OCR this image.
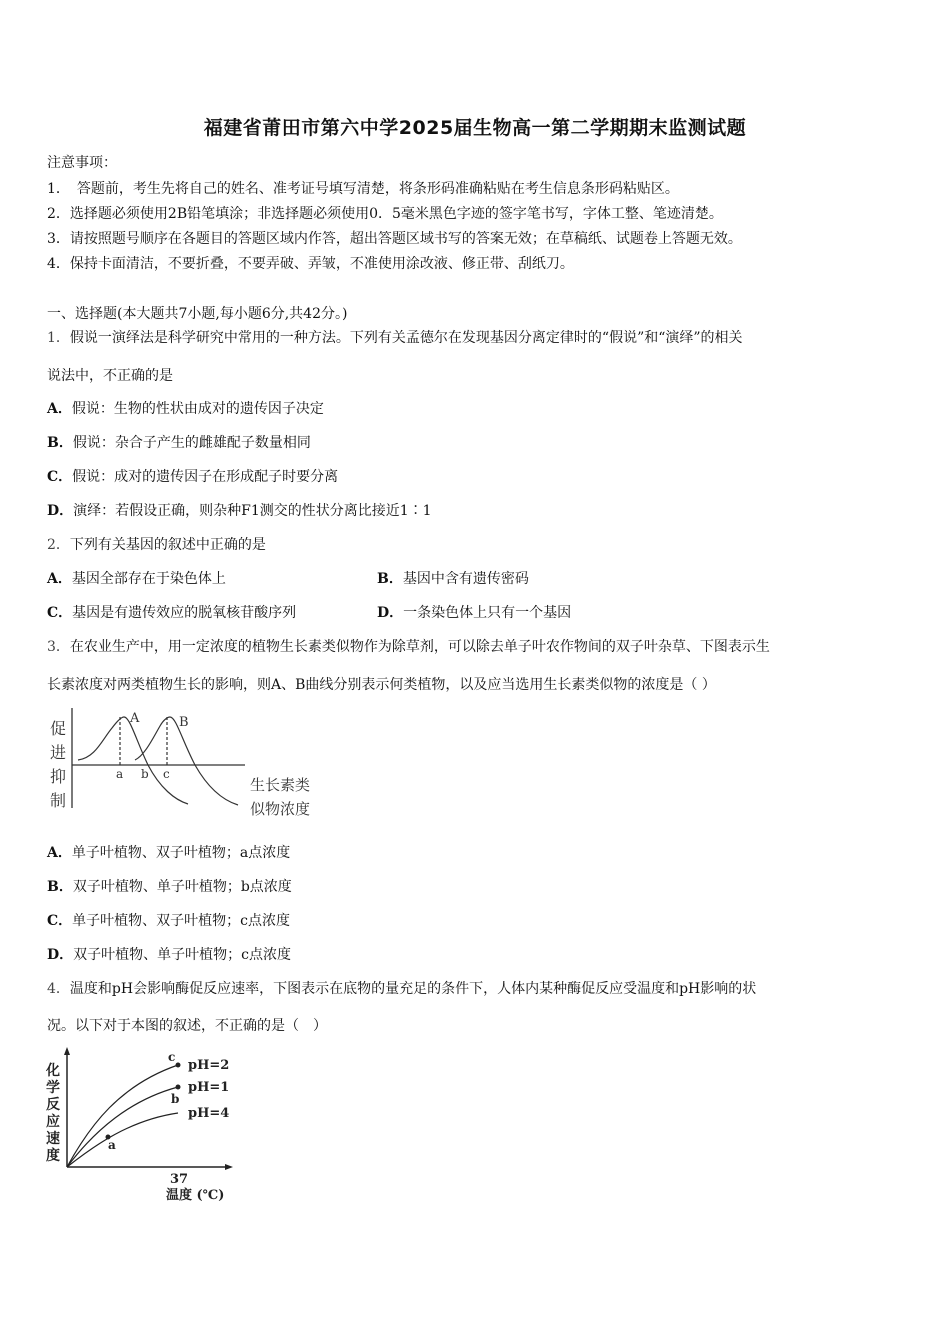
福建省莆田市第六中学2025届生物高一第二学期期末监测试题
注意事项：
1．　答题前，考生先将自己的姓名、准考证号填写清楚，将条形码准确粘贴在考生信息条形码粘贴区。
2．选择题必须使用2B铅笔填涂；非选择题必须使用0．5毫米黑色字迹的签字笔书写，字体工整、笔迹清楚。
3．请按照题号顺序在各题目的答题区域内作答，超出答题区域书写的答案无效；在草稿纸、试题卷上答题无效。
4．保持卡面清洁，不要折叠，不要弄破、弄皱，不准使用涂改液、修正带、刮纸刀。
一、选择题(本大题共7小题,每小题6分,共42分。)
1．假说一演绎法是科学研究中常用的一种方法。下列有关孟德尔在发现基因分离定律时的“假说”和“演绎”的相关
说法中，不正确的是
A．假说：生物的性状由成对的遗传因子决定
B．假说：杂合子产生的雌雄配子数量相同
C．假说：成对的遗传因子在形成配子时要分离
D．演绎：若假设正确，则杂种F1测交的性状分离比接近1∶1
2．下列有关基因的叙述中正确的是
A．基因全部存在于染色体上	B．基因中含有遗传密码
C．基因是有遗传效应的脱氧核苷酸序列	D．一条染色体上只有一个基因
3．在农业生产中，用一定浓度的植物生长素类似物作为除草剂，可以除去单子叶农作物间的双子叶杂草、下图表示生
长素浓度对两类植物生长的影响，则A、B曲线分别表示何类植物，以及应当选用生长素类似物的浓度是（ ）
促
进
抑
制
A	B
a b c
生长素类
似物浓度
A．单子叶植物、双子叶植物；a点浓度
B．双子叶植物、单子叶植物；b点浓度
C．单子叶植物、双子叶植物；c点浓度
D．双子叶植物、单子叶植物；c点浓度
4．温度和pH会影响酶促反应速率，下图表示在底物的量充足的条件下，人体内某种酶促反应受温度和pH影响的状
况。以下对于本图的叙述，不正确的是（　）
化
学
反
应
速
度
c
b
a
pH=2
pH=1
pH=4
37
温度 (℃)
